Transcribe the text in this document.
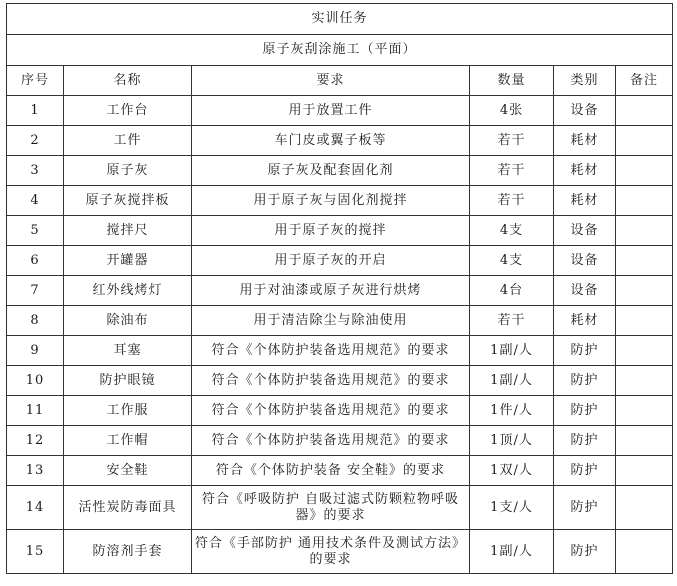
实训任务					
原子灰刮涂施工（平面）					
序号	名称	要求	数量	类别	备注
1	工作台	用于放置工件	4张	设备	
2	工件	车门皮或翼子板等	若干	耗材	
3	原子灰	原子灰及配套固化剂	若干	耗材	
4	原子灰搅拌板	用于原子灰与固化剂搅拌	若干	耗材	
5	搅拌尺	用于原子灰的搅拌	4支	设备	
6	开罐器	用于原子灰的开启	4支	设备	
7	红外线烤灯	用于对油漆或原子灰进行烘烤	4台	设备	
8	除油布	用于清洁除尘与除油使用	若干	耗材	
9	耳塞	符合《个体防护装备选用规范》的要求	1副/人	防护	
10	防护眼镜	符合《个体防护装备选用规范》的要求	1副/人	防护	
11	工作服	符合《个体防护装备选用规范》的要求	1件/人	防护	
12	工作帽	符合《个体防护装备选用规范》的要求	1顶/人	防护	
13	安全鞋	符合《个体防护装备 安全鞋》的要求	1双/人	防护	
14	活性炭防毒面具	符合《呼吸防护 自吸过滤式防颗粒物呼吸器》的要求	1支/人	防护	
15	防溶剂手套	符合《手部防护 通用技术条件及测试方法》的要求	1副/人	防护	
